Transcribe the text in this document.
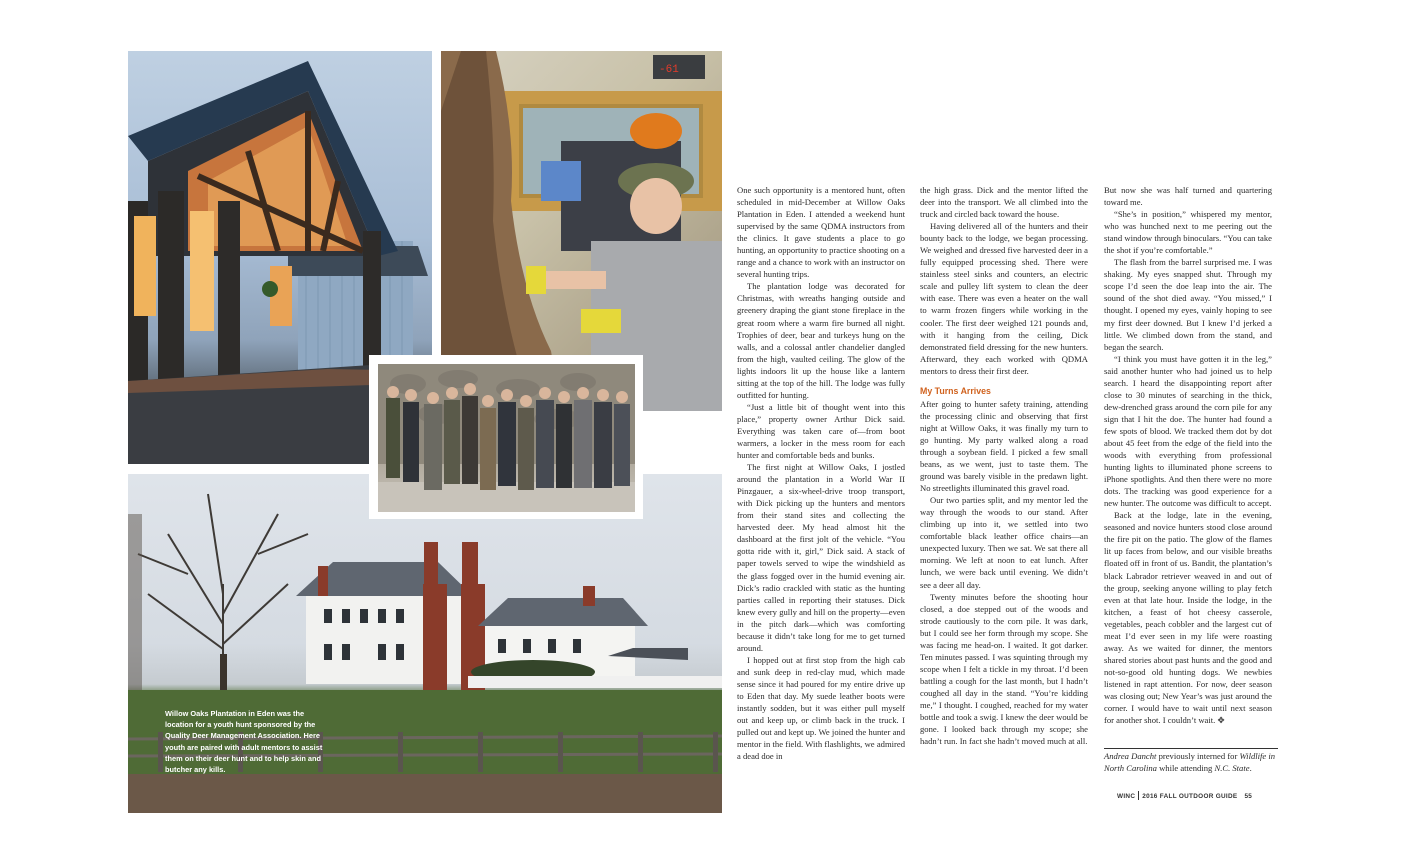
-61
Willow Oaks Plantation in Eden was the location for a youth hunt sponsored by the Quality Deer Management Association. Here youth are paired with adult mentors to assist them on their deer hunt and to help skin and butcher any kills.

One such opportunity is a mentored hunt, often scheduled in mid-December at Willow Oaks Plantation in Eden. I attended a weekend hunt supervised by the same QDMA instructors from the clinics. It gave students a place to go hunting, an opportunity to practice shooting on a range and a chance to work with an instructor on several hunting trips.

The plantation lodge was decorated for Christmas, with wreaths hanging outside and greenery draping the giant stone fireplace in the great room where a warm fire burned all night. Trophies of deer, bear and turkeys hung on the walls, and a colossal antler chandelier dangled from the high, vaulted ceiling. The glow of the lights indoors lit up the house like a lantern sitting at the top of the hill. The lodge was fully outfitted for hunting.

“Just a little bit of thought went into this place,” property owner Arthur Dick said. Everything was taken care of—from boot warmers, a locker in the mess room for each hunter and comfortable beds and bunks.

The first night at Willow Oaks, I jostled around the plantation in a World War II Pinzgauer, a six-wheel-drive troop transport, with Dick picking up the hunters and mentors from their stand sites and collecting the harvested deer. My head almost hit the dashboard at the first jolt of the vehicle. “You gotta ride with it, girl,” Dick said. A stack of paper towels served to wipe the windshield as the glass fogged over in the humid evening air. Dick’s radio crackled with static as the hunting parties called in reporting their statuses. Dick knew every gully and hill on the property—even in the pitch dark—which was comforting because it didn’t take long for me to get turned around.

I hopped out at first stop from the high cab and sunk deep in red-clay mud, which made sense since it had poured for my entire drive up to Eden that day. My suede leather boots were instantly sodden, but it was either pull myself out and keep up, or climb back in the truck. I pulled out and kept up. We joined the hunter and mentor in the field. With flashlights, we admired a dead doe in

the high grass. Dick and the mentor lifted the deer into the transport. We all climbed into the truck and circled back toward the house.

Having delivered all of the hunters and their bounty back to the lodge, we began processing. We weighed and dressed five harvested deer in a fully equipped processing shed. There were stainless steel sinks and counters, an electric scale and pulley lift system to clean the deer with ease. There was even a heater on the wall to warm frozen fingers while working in the cooler. The first deer weighed 121 pounds and, with it hanging from the ceiling, Dick demonstrated field dressing for the new hunters. Afterward, they each worked with QDMA mentors to dress their first deer.

My Turns Arrives

After going to hunter safety training, attending the processing clinic and observing that first night at Willow Oaks, it was finally my turn to go hunting. My party walked along a road through a soybean field. I picked a few small beans, as we went, just to taste them. The ground was barely visible in the predawn light. No streetlights illuminated this gravel road.

Our two parties split, and my mentor led the way through the woods to our stand. After climbing up into it, we settled into two comfortable black leather office chairs—an unexpected luxury. Then we sat. We sat there all morning. We left at noon to eat lunch. After lunch, we were back until evening. We didn’t see a deer all day.

Twenty minutes before the shooting hour closed, a doe stepped out of the woods and strode cautiously to the corn pile. It was dark, but I could see her form through my scope. She was facing me head-on. I waited. It got darker. Ten minutes passed. I was squinting through my scope when I felt a tickle in my throat. I’d been battling a cough for the last month, but I hadn’t coughed all day in the stand. “You’re kidding me,” I thought. I coughed, reached for my water bottle and took a swig. I knew the deer would be gone. I looked back through my scope; she hadn’t run. In fact she hadn’t moved much at all.

But now she was half turned and quartering toward me.

“She’s in position,” whispered my mentor, who was hunched next to me peering out the stand window through binoculars. “You can take the shot if you’re comfortable.”

The flash from the barrel surprised me. I was shaking. My eyes snapped shut. Through my scope I’d seen the doe leap into the air. The sound of the shot died away. “You missed,” I thought. I opened my eyes, vainly hoping to see my first deer downed. But I knew I’d jerked a little. We climbed down from the stand, and began the search.

“I think you must have gotten it in the leg,” said another hunter who had joined us to help search. I heard the disappointing report after close to 30 minutes of searching in the thick, dew-drenched grass around the corn pile for any sign that I hit the doe. The hunter had found a few spots of blood. We tracked them dot by dot about 45 feet from the edge of the field into the woods with everything from professional hunting lights to illuminated phone screens to iPhone spotlights. And then there were no more dots. The tracking was good experience for a new hunter. The outcome was difficult to accept.

Back at the lodge, late in the evening, seasoned and novice hunters stood close around the fire pit on the patio. The glow of the flames lit up faces from below, and our visible breaths floated off in front of us. Bandit, the plantation’s black Labrador retriever weaved in and out of the group, seeking anyone willing to play fetch even at that late hour. Inside the lodge, in the kitchen, a feast of hot cheesy casserole, vegetables, peach cobbler and the largest cut of meat I’d ever seen in my life were roasting away. As we waited for dinner, the mentors shared stories about past hunts and the good and not-so-good old hunting dogs. We newbies listened in rapt attention. For now, deer season was closing out; New Year’s was just around the corner. I would have to wait until next season for another shot. I couldn’t wait. ✥

Andrea Dancht previously interned for Wildlife in North Carolina while attending N.C. State.
WINC 2016 FALL OUTDOOR GUIDE 55
